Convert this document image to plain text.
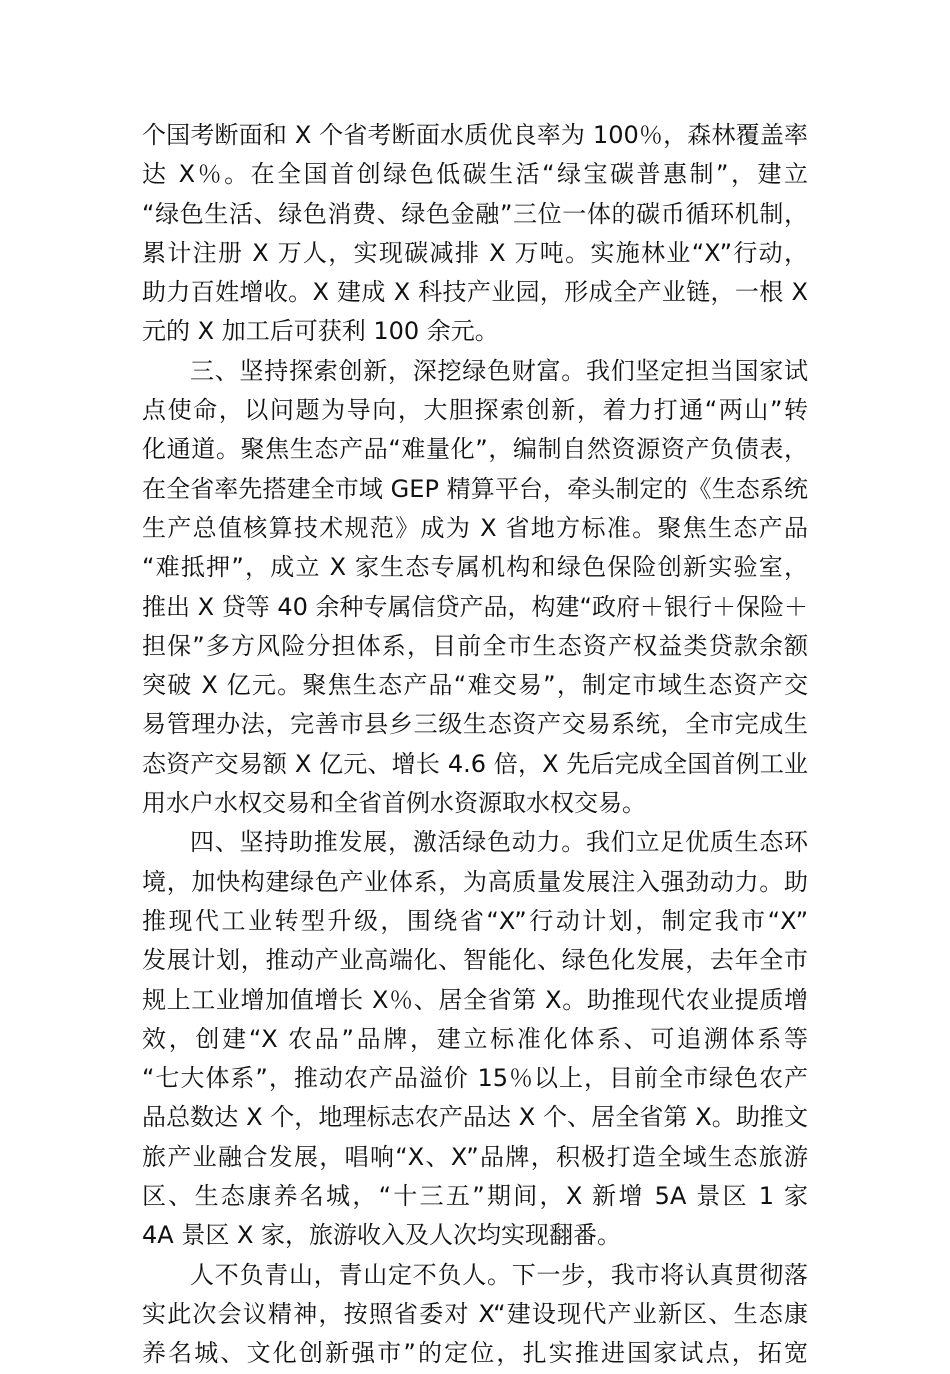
个国考断面和 X 个省考断面水质优良率为 100％，森林覆盖率
达 X％。在全国首创绿色低碳生活“绿宝碳普惠制”，建立
“绿色生活、绿色消费、绿色金融”三位一体的碳币循环机制，
累计注册 X 万人，实现碳减排 X 万吨。实施林业“X”行动，
助力百姓增收。X 建成 X 科技产业园，形成全产业链，一根 X
元的 X 加工后可获利 100 余元。
三、坚持探索创新，深挖绿色财富。我们坚定担当国家试
点使命，以问题为导向，大胆探索创新，着力打通“两山”转
化通道。聚焦生态产品“难量化”，编制自然资源资产负债表，
在全省率先搭建全市域 GEP 精算平台，牵头制定的《生态系统
生产总值核算技术规范》成为 X 省地方标准。聚焦生态产品
“难抵押”，成立 X 家生态专属机构和绿色保险创新实验室，
推出 X 贷等 40 余种专属信贷产品，构建“政府＋银行＋保险＋
担保”多方风险分担体系，目前全市生态资产权益类贷款余额
突破 X 亿元。聚焦生态产品“难交易”，制定市域生态资产交
易管理办法，完善市县乡三级生态资产交易系统，全市完成生
态资产交易额 X 亿元、增长 4.6 倍，X 先后完成全国首例工业
用水户水权交易和全省首例水资源取水权交易。
四、坚持助推发展，激活绿色动力。我们立足优质生态环
境，加快构建绿色产业体系，为高质量发展注入强劲动力。助
推现代工业转型升级，围绕省“X”行动计划，制定我市“X”
发展计划，推动产业高端化、智能化、绿色化发展，去年全市
规上工业增加值增长 X％、居全省第 X。助推现代农业提质增
效，创建“X 农品”品牌，建立标准化体系、可追溯体系等
“七大体系”，推动农产品溢价 15％以上，目前全市绿色农产
品总数达 X 个，地理标志农产品达 X 个、居全省第 X。助推文
旅产业融合发展，唱响“X、X”品牌，积极打造全域生态旅游
区、生态康养名城，“十三五”期间，X 新增 5A 景区 1 家
4A 景区 X 家，旅游收入及人次均实现翻番。
人不负青山，青山定不负人。下一步，我市将认真贯彻落
实此次会议精神，按照省委对 X“建设现代产业新区、生态康
养名城、文化创新强市”的定位，扎实推进国家试点，拓宽
